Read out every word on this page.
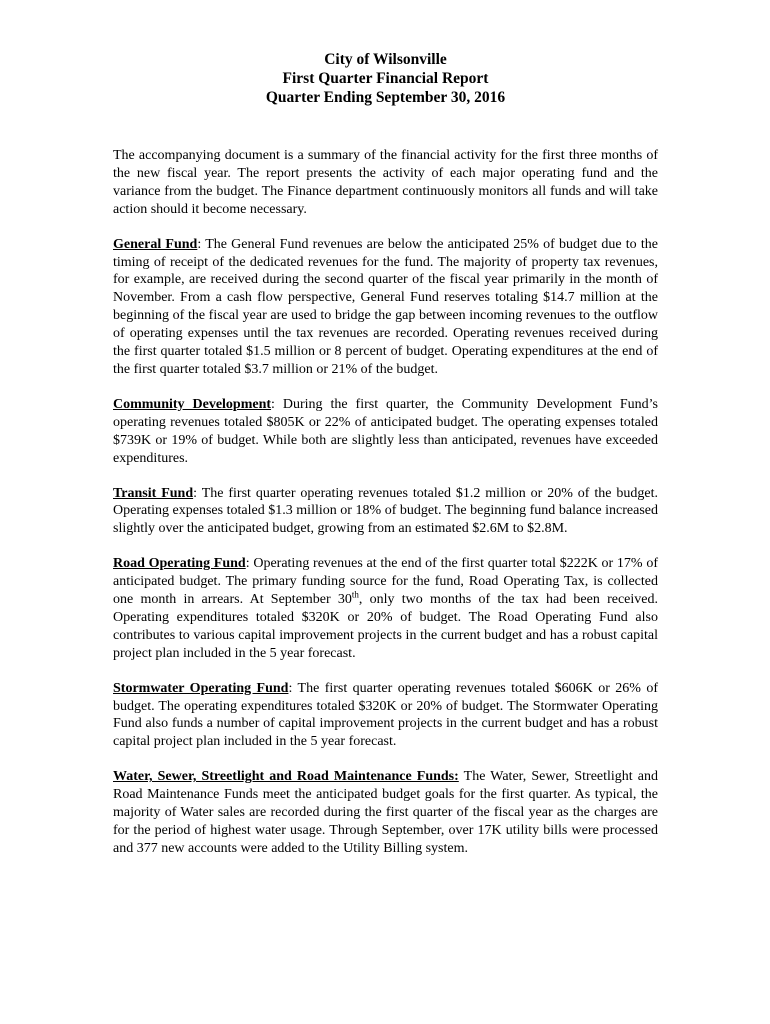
City of Wilsonville
First Quarter Financial Report
Quarter Ending September 30, 2016

The accompanying document is a summary of the financial activity for the first three months of the new fiscal year. The report presents the activity of each major operating fund and the variance from the budget. The Finance department continuously monitors all funds and will take action should it become necessary.

General Fund: The General Fund revenues are below the anticipated 25% of budget due to the timing of receipt of the dedicated revenues for the fund. The majority of property tax revenues, for example, are received during the second quarter of the fiscal year primarily in the month of November. From a cash flow perspective, General Fund reserves totaling $14.7 million at the beginning of the fiscal year are used to bridge the gap between incoming revenues to the outflow of operating expenses until the tax revenues are recorded. Operating revenues received during the first quarter totaled $1.5 million or 8 percent of budget. Operating expenditures at the end of the first quarter totaled $3.7 million or 21% of the budget.

Community Development: During the first quarter, the Community Development Fund’s operating revenues totaled $805K or 22% of anticipated budget. The operating expenses totaled $739K or 19% of budget. While both are slightly less than anticipated, revenues have exceeded expenditures.

Transit Fund: The first quarter operating revenues totaled $1.2 million or 20% of the budget. Operating expenses totaled $1.3 million or 18% of budget. The beginning fund balance increased slightly over the anticipated budget, growing from an estimated $2.6M to $2.8M.

Road Operating Fund: Operating revenues at the end of the first quarter total $222K or 17% of anticipated budget. The primary funding source for the fund, Road Operating Tax, is collected one month in arrears. At September 30th, only two months of the tax had been received. Operating expenditures totaled $320K or 20% of budget. The Road Operating Fund also contributes to various capital improvement projects in the current budget and has a robust capital project plan included in the 5 year forecast.

Stormwater Operating Fund: The first quarter operating revenues totaled $606K or 26% of budget. The operating expenditures totaled $320K or 20% of budget. The Stormwater Operating Fund also funds a number of capital improvement projects in the current budget and has a robust capital project plan included in the 5 year forecast.

Water, Sewer, Streetlight and Road Maintenance Funds: The Water, Sewer, Streetlight and Road Maintenance Funds meet the anticipated budget goals for the first quarter. As typical, the majority of Water sales are recorded during the first quarter of the fiscal year as the charges are for the period of highest water usage. Through September, over 17K utility bills were processed and 377 new accounts were added to the Utility Billing system.
